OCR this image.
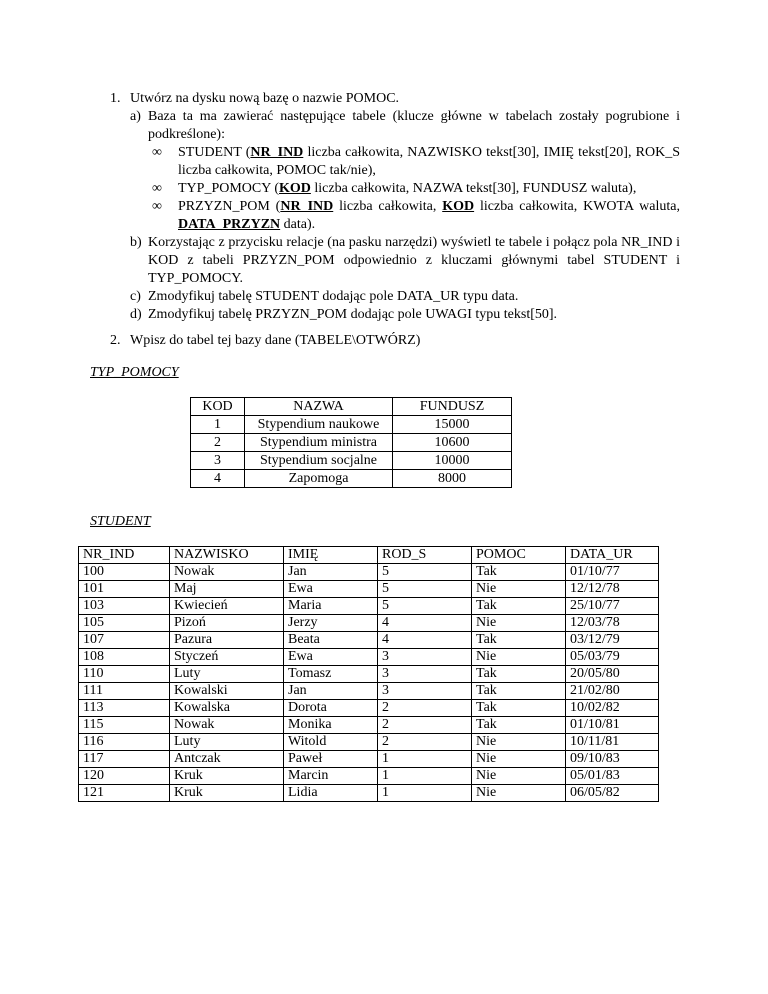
1. Utwórz na dysku nową bazę o nazwie POMOC.
a) Baza ta ma zawierać następujące tabele (klucze główne w tabelach zostały pogrubione i podkreślone):
∞ STUDENT (NR_IND liczba całkowita, NAZWISKO tekst[30], IMIĘ tekst[20], ROK_S liczba całkowita, POMOC tak/nie),
∞ TYP_POMOCY (KOD liczba całkowita, NAZWA tekst[30], FUNDUSZ waluta),
∞ PRZYZN_POM (NR_IND liczba całkowita, KOD liczba całkowita, KWOTA waluta, DATA_PRZYZN data).
b) Korzystając z przycisku relacje (na pasku narzędzi) wyświetl te tabele i połącz pola NR_IND i KOD z tabeli PRZYZN_POM odpowiednio z kluczami głównymi tabel STUDENT i TYP_POMOCY.
c) Zmodyfikuj tabelę STUDENT dodając pole DATA_UR typu data.
d) Zmodyfikuj tabelę PRZYZN_POM dodając pole UWAGI typu tekst[50].
2. Wpisz do tabel tej bazy dane (TABELE\OTWÓRZ)
TYP_POMOCY
KOD	NAZWA	FUNDUSZ
1	Stypendium naukowe	15000
2	Stypendium ministra	10600
3	Stypendium socjalne	10000
4	Zapomoga	8000
STUDENT
NR_IND	NAZWISKO	IMIĘ	ROD_S	POMOC	DATA_UR
100	Nowak	Jan	5	Tak	01/10/77
101	Maj	Ewa	5	Nie	12/12/78
103	Kwiecień	Maria	5	Tak	25/10/77
105	Pizoń	Jerzy	4	Nie	12/03/78
107	Pazura	Beata	4	Tak	03/12/79
108	Styczeń	Ewa	3	Nie	05/03/79
110	Luty	Tomasz	3	Tak	20/05/80
111	Kowalski	Jan	3	Tak	21/02/80
113	Kowalska	Dorota	2	Tak	10/02/82
115	Nowak	Monika	2	Tak	01/10/81
116	Luty	Witold	2	Nie	10/11/81
117	Antczak	Paweł	1	Nie	09/10/83
120	Kruk	Marcin	1	Nie	05/01/83
121	Kruk	Lidia	1	Nie	06/05/82
